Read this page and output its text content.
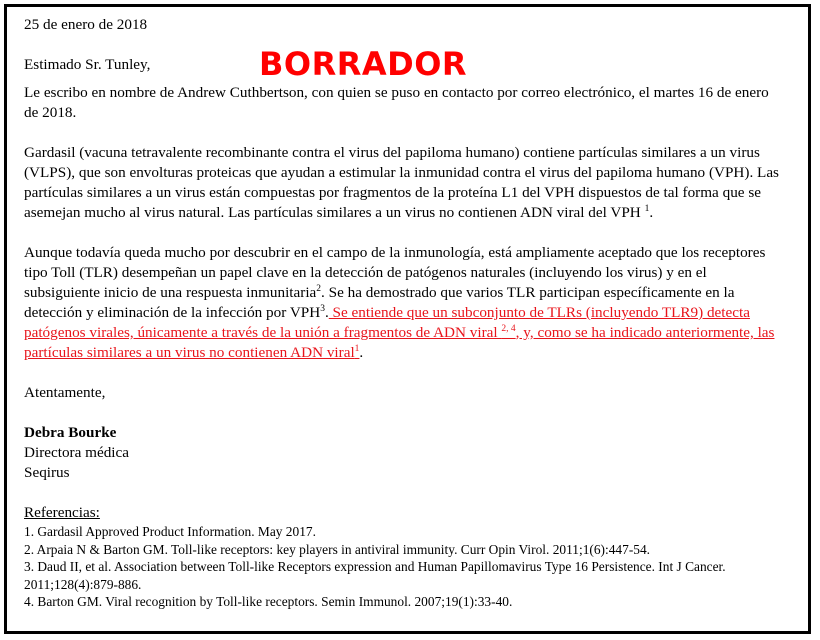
BORRADOR

25 de enero de 2018

Estimado Sr. Tunley,

Le escribo en nombre de Andrew Cuthbertson, con quien se puso en contacto por correo electrónico, el martes 16 de enero de 2018.

Gardasil (vacuna tetravalente recombinante contra el virus del papiloma humano) contiene partículas similares a un virus (VLPS), que son envolturas proteicas que ayudan a estimular la inmunidad contra el virus del papiloma humano (VPH). Las partículas similares a un virus están compuestas por fragmentos de la proteína L1 del VPH dispuestos de tal forma que se asemejan mucho al virus natural. Las partículas similares a un virus no contienen ADN viral del VPH $^1$.

Aunque todavía queda mucho por descubrir en el campo de la inmunología, está ampliamente aceptado que los receptores tipo Toll (TLR) desempeñan un papel clave en la detección de patógenos naturales (incluyendo los virus) y en el subsiguiente inicio de una respuesta inmunitaria$^2$. Se ha demostrado que varios TLR participan específicamente en la detección y eliminación de la infección por VPH$^3$. Se entiende que un subconjunto de TLRs (incluyendo TLR9) detecta patógenos virales, únicamente a través de la unión a fragmentos de ADN viral $^{2, 4}$, y, como se ha indicado anteriormente, las partículas similares a un virus no contienen ADN viral$^1$.

Atentamente,

Debra Bourke

Directora médica

Seqirus

Referencias:

1. Gardasil Approved Product Information. May 2017.

2. Arpaia N & Barton GM. Toll-like receptors: key players in antiviral immunity. Curr Opin Virol. 2011;1(6):447-54.

3. Daud II, et al. Association between Toll-like Receptors expression and Human Papillomavirus Type 16 Persistence. Int J Cancer. 2011;128(4):879-886.

4. Barton GM. Viral recognition by Toll-like receptors. Semin Immunol. 2007;19(1):33-40.
